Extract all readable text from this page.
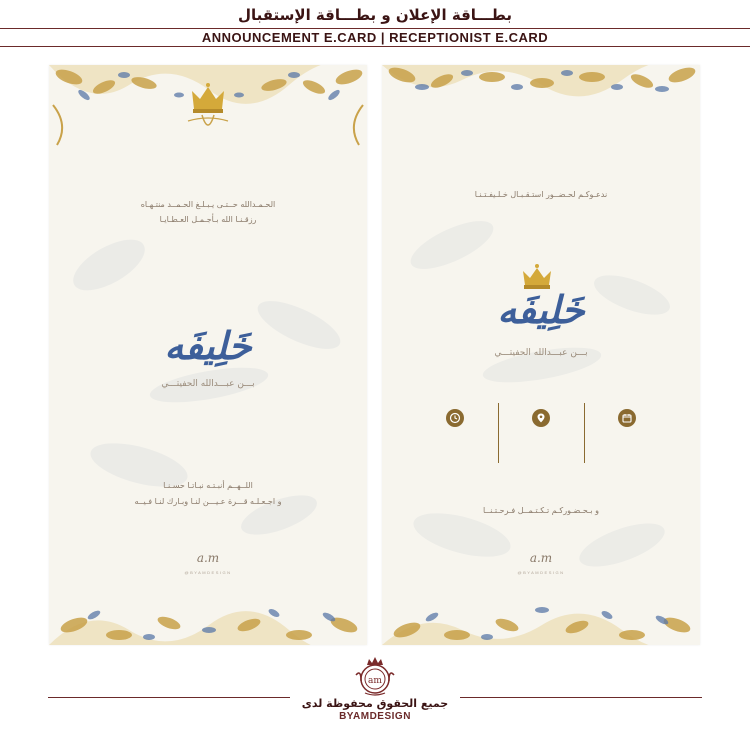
بطـــاقة الإعلان و بطـــاقة الإستقبال
ANNOUNCEMENT E.CARD | RECEPTIONIST E.CARD
الحـمـدالله حــتـى يـبـلـغ الحـمــد منتـهـاه
رزقـنـا الله بـأجـمـل العـطـايـا
خَلِيفَه
بـــن عبـــدالله الحفيتـــي
اللــهــم أنبـتـه نبـاتـا حسـنـا
و اجـعـلـه قـــرة عـيـــن لنـا وبـارك لنـا فـيــه
a.m
@BYAMDESIGN
ندعـوكـم لحـضــور استـقـبـال خـلـيفـتـنـا
خَلِيفَه
بـــن عبـــدالله الحفيتـــي
و بـحـضـوركـم تـكـتـمــل فـرحـتـنــا
a.m
@BYAMDESIGN
am
جميع الحقوق محفوظة لدى
BYAMDESIGN
